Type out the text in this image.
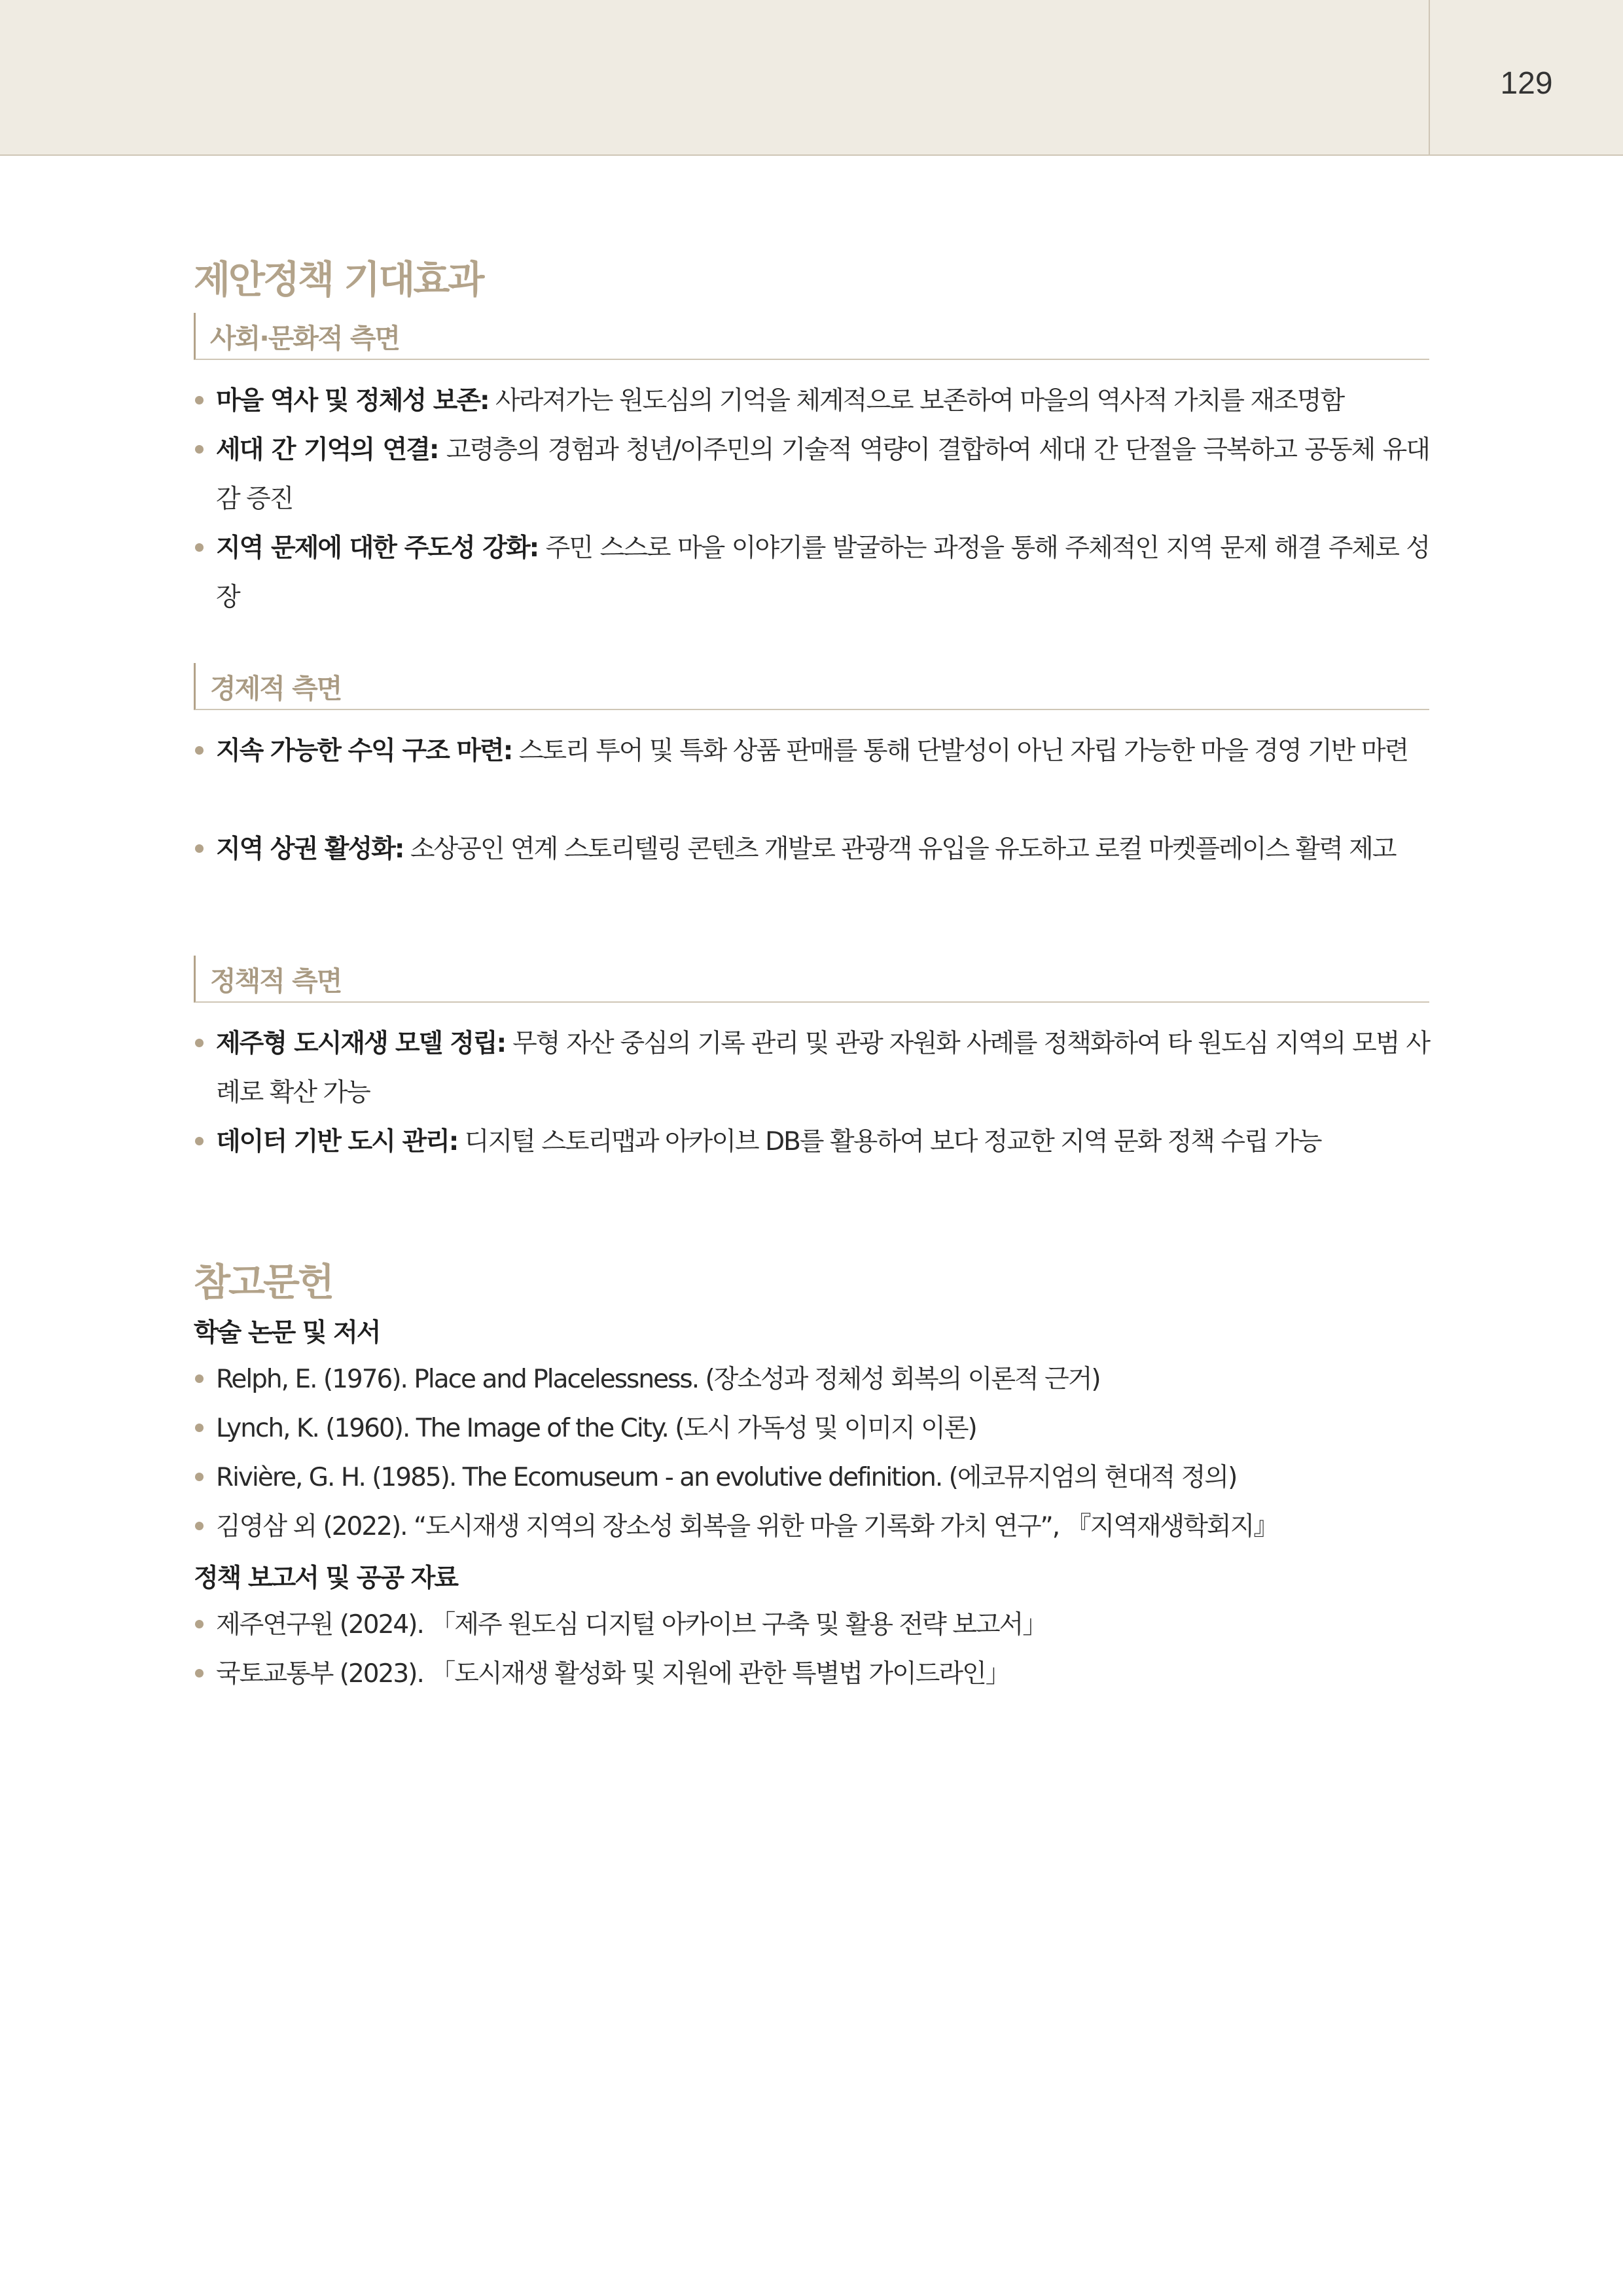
129
제안정책 기대효과
사회·문화적 측면
마을 역사 및 정체성 보존: 사라져가는 원도심의 기억을 체계적으로 보존하여 마을의 역사적 가치를 재조명함
세대 간 기억의 연결: 고령층의 경험과 청년/이주민의 기술적 역량이 결합하여 세대 간 단절을 극복하고 공동체 유대감 증진
지역 문제에 대한 주도성 강화: 주민 스스로 마을 이야기를 발굴하는 과정을 통해 주체적인 지역 문제 해결 주체로 성장
경제적 측면
지속 가능한 수익 구조 마련: 스토리 투어 및 특화 상품 판매를 통해 단발성이 아닌 자립 가능한 마을 경영 기반 마련
지역 상권 활성화: 소상공인 연계 스토리텔링 콘텐츠 개발로 관광객 유입을 유도하고 로컬 마켓플레이스 활력 제고
정책적 측면
제주형 도시재생 모델 정립: 무형 자산 중심의 기록 관리 및 관광 자원화 사례를 정책화하여 타 원도심 지역의 모범 사례로 확산 가능
데이터 기반 도시 관리: 디지털 스토리맵과 아카이브 DB를 활용하여 보다 정교한 지역 문화 정책 수립 가능
참고문헌
학술 논문 및 저서
Relph, E. (1976). Place and Placelessness. (장소성과 정체성 회복의 이론적 근거)
Lynch, K. (1960). The Image of the City. (도시 가독성 및 이미지 이론)
Rivière, G. H. (1985). The Ecomuseum - an evolutive definition. (에코뮤지엄의 현대적 정의)
김영삼 외 (2022). “도시재생 지역의 장소성 회복을 위한 마을 기록화 가치 연구”, 『지역재생학회지』
정책 보고서 및 공공 자료
제주연구원 (2024). 「제주 원도심 디지털 아카이브 구축 및 활용 전략 보고서」
국토교통부 (2023). 「도시재생 활성화 및 지원에 관한 특별법 가이드라인」
